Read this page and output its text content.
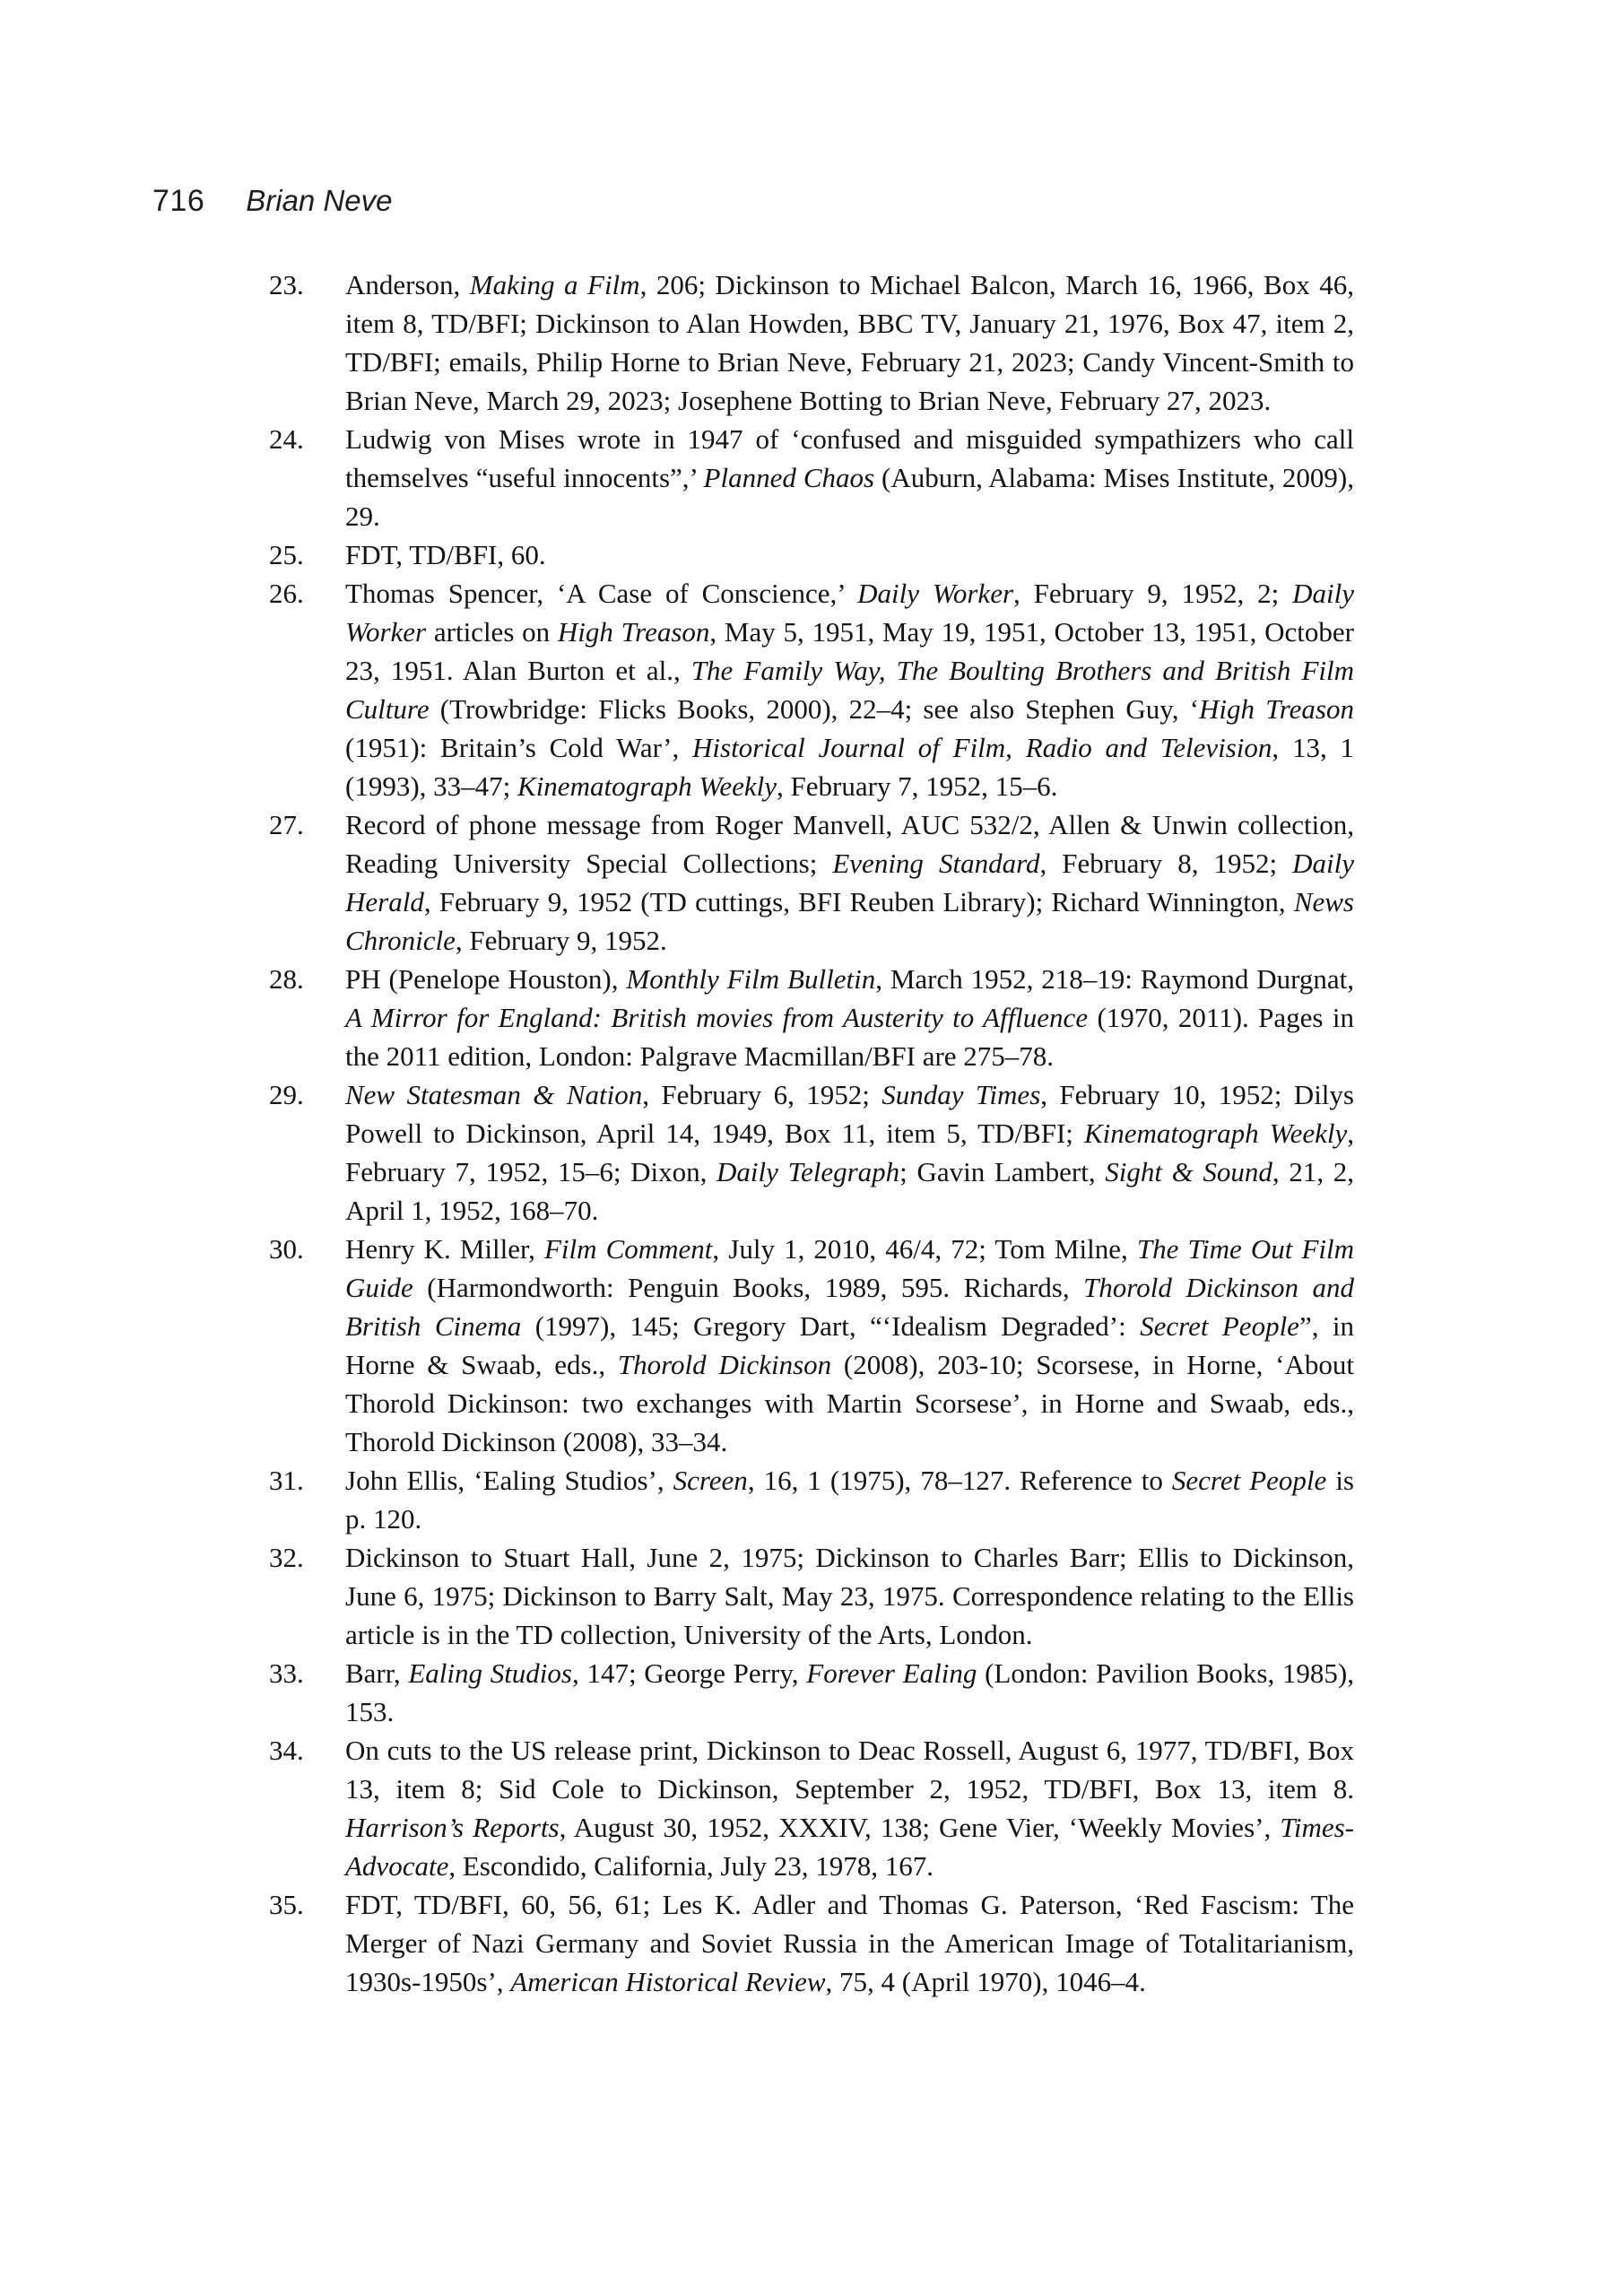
716 Brian Neve
23.	Anderson, Making a Film, 206; Dickinson to Michael Balcon, March 16, 1966, Box 46, item 8, TD/BFI; Dickinson to Alan Howden, BBC TV, January 21, 1976, Box 47, item 2, TD/BFI; emails, Philip Horne to Brian Neve, February 21, 2023; Candy Vincent-Smith to Brian Neve, March 29, 2023; Josephene Botting to Brian Neve, February 27, 2023.

24.	Ludwig von Mises wrote in 1947 of ‘confused and misguided sympathizers who call themselves “useful innocents”,’ Planned Chaos (Auburn, Alabama: Mises Institute, 2009), 29.

25.	FDT, TD/BFI, 60.

26.	Thomas Spencer, ‘A Case of Conscience,’ Daily Worker, February 9, 1952, 2; Daily Worker articles on High Treason, May 5, 1951, May 19, 1951, October 13, 1951, October 23, 1951. Alan Burton et al., The Family Way, The Boulting Brothers and British Film Culture (Trowbridge: Flicks Books, 2000), 22–4; see also Stephen Guy, ‘High Treason (1951): Britain’s Cold War’, Historical Journal of Film, Radio and Television, 13, 1 (1993), 33–47; Kinematograph Weekly, February 7, 1952, 15–6.

27.	Record of phone message from Roger Manvell, AUC 532/2, Allen & Unwin collection, Reading University Special Collections; Evening Standard, February 8, 1952; Daily Herald, February 9, 1952 (TD cuttings, BFI Reuben Library); Richard Winnington, News Chronicle, February 9, 1952.

28.	PH (Penelope Houston), Monthly Film Bulletin, March 1952, 218–19: Raymond Durgnat, A Mirror for England: British movies from Austerity to Affluence (1970, 2011). Pages in the 2011 edition, London: Palgrave Macmillan/BFI are 275–78.

29.	New Statesman & Nation, February 6, 1952; Sunday Times, February 10, 1952; Dilys Powell to Dickinson, April 14, 1949, Box 11, item 5, TD/BFI; Kinematograph Weekly, February 7, 1952, 15–6; Dixon, Daily Telegraph; Gavin Lambert, Sight & Sound, 21, 2, April 1, 1952, 168–70.

30.	Henry K. Miller, Film Comment, July 1, 2010, 46/4, 72; Tom Milne, The Time Out Film Guide (Harmondworth: Penguin Books, 1989, 595. Richards, Thorold Dickinson and British Cinema (1997), 145; Gregory Dart, “‘Idealism Degraded’: Secret People”, in Horne & Swaab, eds., Thorold Dickinson (2008), 203-10; Scorsese, in Horne, ‘About Thorold Dickinson: two exchanges with Martin Scorsese’, in Horne and Swaab, eds., Thorold Dickinson (2008), 33–34.

31.	John Ellis, ‘Ealing Studios’, Screen, 16, 1 (1975), 78–127. Reference to Secret People is p. 120.

32.	Dickinson to Stuart Hall, June 2, 1975; Dickinson to Charles Barr; Ellis to Dickinson, June 6, 1975; Dickinson to Barry Salt, May 23, 1975. Correspondence relating to the Ellis article is in the TD collection, University of the Arts, London.

33.	Barr, Ealing Studios, 147; George Perry, Forever Ealing (London: Pavilion Books, 1985), 153.

34.	On cuts to the US release print, Dickinson to Deac Rossell, August 6, 1977, TD/BFI, Box 13, item 8; Sid Cole to Dickinson, September 2, 1952, TD/BFI, Box 13, item 8. Harrison’s Reports, August 30, 1952, XXXIV, 138; Gene Vier, ‘Weekly Movies’, Times-Advocate, Escondido, California, July 23, 1978, 167.

35.	FDT, TD/BFI, 60, 56, 61; Les K. Adler and Thomas G. Paterson, ‘Red Fascism: The Merger of Nazi Germany and Soviet Russia in the American Image of Totalitarianism, 1930s-1950s’, American Historical Review, 75, 4 (April 1970), 1046–4.
